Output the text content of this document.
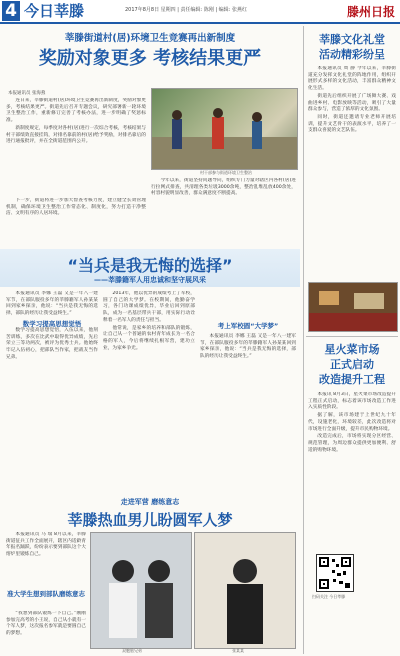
4 今日莘滕	2017年8月8日 星期四 | 责任编辑: 陈刚 | 编辑: 张燕红	滕州日报
莘滕街道村(居)环境卫生竞赛再出新制度
奖励对象更多 考核结果更严
本报通讯员 张海燕

连日来，莘滕街道村(居)环境卫生竞赛再出新制度，奖励对象更多，考核结果更严。街道先后召开专题会议，研究部署新一轮环境卫生整治工作，重新修订完善了考核办法，进一步明确了奖惩标准。

新制度规定，每季度对各村(居)进行一次综合考核，考核结果与村干部绩效直接挂钩，对排名靠前的村(居)给予奖励，对排名靠后的进行通报批评，并在全街道范围内公开。

下一步，街道将进一步加大督查考核力度，建立健全长效管理机制，确保环境卫生整治工作常态化、制度化，努力打造干净整洁、文明有序的人居环境。

村干部参与街道环境卫生整治

今年以来，街道坚持问题导向，组织专门力量对辖区内各村(居)进行拉网式排查，共清理各类垃圾3000余吨，整治乱堆乱放400余处，村容村貌明显改善，群众满意度不断提高。

“当兵是我无悔的选择”
——莘滕籍军人用忠诚和坚守展风采

本报通讯员 李娜 王磊 又是一年八一建军节，在部队服役多年的莘滕籍军人孙某某回到家乡探亲，他说：“当兵是我无悔的选择，部队的经历让我受益终生。”

数学习提高思想觉悟

数学习提高思想觉悟，入伍以来，他刻苦训练，多次在比武中取得优异成绩，先后荣立三等功两次，被评为优秀士兵。他始终牢记入伍初心，把部队当作家，把战友当作兄弟。

2013年，他以优异的成绩考上了军校，圆了自己的大学梦。在校期间，他勤奋学习，各门功课成绩优异，毕业后回到原部队，成为一名基层带兵干部，用实际行动诠释着一名军人的责任与担当。

他常说，是家乡的培养和部队的锻炼，让自己从一个普通的农村青年成长为一名合格的军人，今后将继续扎根军营，建功立业，为家乡争光。

考上军校圆“大学梦”

本报通讯员 李娜 王磊 又是一年八一建军节，在部队服役多年的莘滕籍军人孙某某回到家乡探亲，他说：“当兵是我无悔的选择，部队的经历让我受益终生。”

走进军营 磨练意志
莘滕热血男儿盼圆军人梦

本报通讯员 马 瑞 8月以来，莘滕街道征兵工作全面展开，辖区内适龄青年报名踊跃，纷纷表示要到部队这个大熔炉里锻炼自己。

准大学生想到部队磨练意志

“我想到部队锻炼一下自己。”刚刚参加完高考的小王说，自己从小就有一个军人梦，这次报名参军就是要圆自己的梦想。

双胞胎兄弟	张某某
莘滕文化礼堂
活动精彩纷呈

本报通讯员 周 静 今年以来，莘滕街道充分发挥文化礼堂的阵地作用，组织开展形式多样的文化活动，丰富群众精神文化生活。

街道先后组织开展了广场舞大赛、戏曲进乡村、电影放映等活动，吸引了大量群众参与，营造了浓厚的文化氛围。

同时，街道还邀请专业老师开展培训，提升文艺骨干的表演水平，培养了一支群众喜爱的文艺队伍。

星火菜市场
正式启动
改造提升工程

本报讯 8月3日，星火菜市场改造提升工程正式启动，标志着该市场改造工作进入实质性阶段。

据了解，该市场建于上世纪九十年代，设施老化，环境较差，此次改造将对市场进行全面升级，提升市民购物环境。

改造完成后，市场将实现分区经营、规范管理，为周边群众提供更加便利、舒适的购物环境。

扫码关注 今日莘滕
